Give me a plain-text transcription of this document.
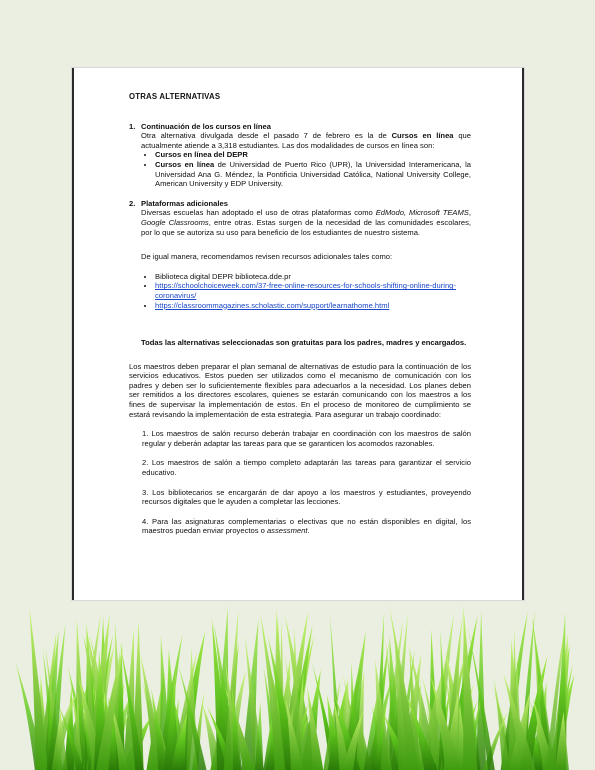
OTRAS ALTERNATIVAS
1. Continuación de los cursos en línea
Otra alternativa divulgada desde el pasado 7 de febrero es la de Cursos en línea que actualmente atiende a 3,318 estudiantes. Las dos modalidades de cursos en línea son:
• Cursos en línea del DEPR
• Cursos en línea de Universidad de Puerto Rico (UPR), la Universidad Interamericana, la Universidad Ana G. Méndez, la Pontificia Universidad Católica, National University College, American University y EDP University.
2. Plataformas adicionales
Diversas escuelas han adoptado el uso de otras plataformas como EdModo, Microsoft TEAMS, Google Classrooms, entre otras. Estas surgen de la necesidad de las comunidades escolares, por lo que se autoriza su uso para beneficio de los estudiantes de nuestro sistema.
De igual manera, recomendamos revisen recursos adicionales tales como:
• Biblioteca digital DEPR biblioteca.dde.pr
• https://schoolchoiceweek.com/37-free-online-resources-for-schools-shifting-online-during-coronavirus/
• https://classroommagazines.scholastic.com/support/learnathome.html
Todas las alternativas seleccionadas son gratuitas para los padres, madres y encargados.
Los maestros deben preparar el plan semanal de alternativas de estudio para la continuación de los servicios educativos. Estos pueden ser utilizados como el mecanismo de comunicación con los padres y deben ser lo suficientemente flexibles para adecuarlos a la necesidad. Los planes deben ser remitidos a los directores escolares, quienes se estarán comunicando con los maestros a los fines de supervisar la implementación de estos. En el proceso de monitoreo de cumplimiento se estará revisando la implementación de esta estrategia. Para asegurar un trabajo coordinado:
1. Los maestros de salón recurso deberán trabajar en coordinación con los maestros de salón regular y deberán adaptar las tareas para que se garanticen los acomodos razonables.
2. Los maestros de salón a tiempo completo adaptarán las tareas para garantizar el servicio educativo.
3. Los bibliotecarios se encargarán de dar apoyo a los maestros y estudiantes, proveyendo recursos digitales que le ayuden a completar las lecciones.
4. Para las asignaturas complementarias o electivas que no están disponibles en digital, los maestros puedan enviar proyectos o assessment.
